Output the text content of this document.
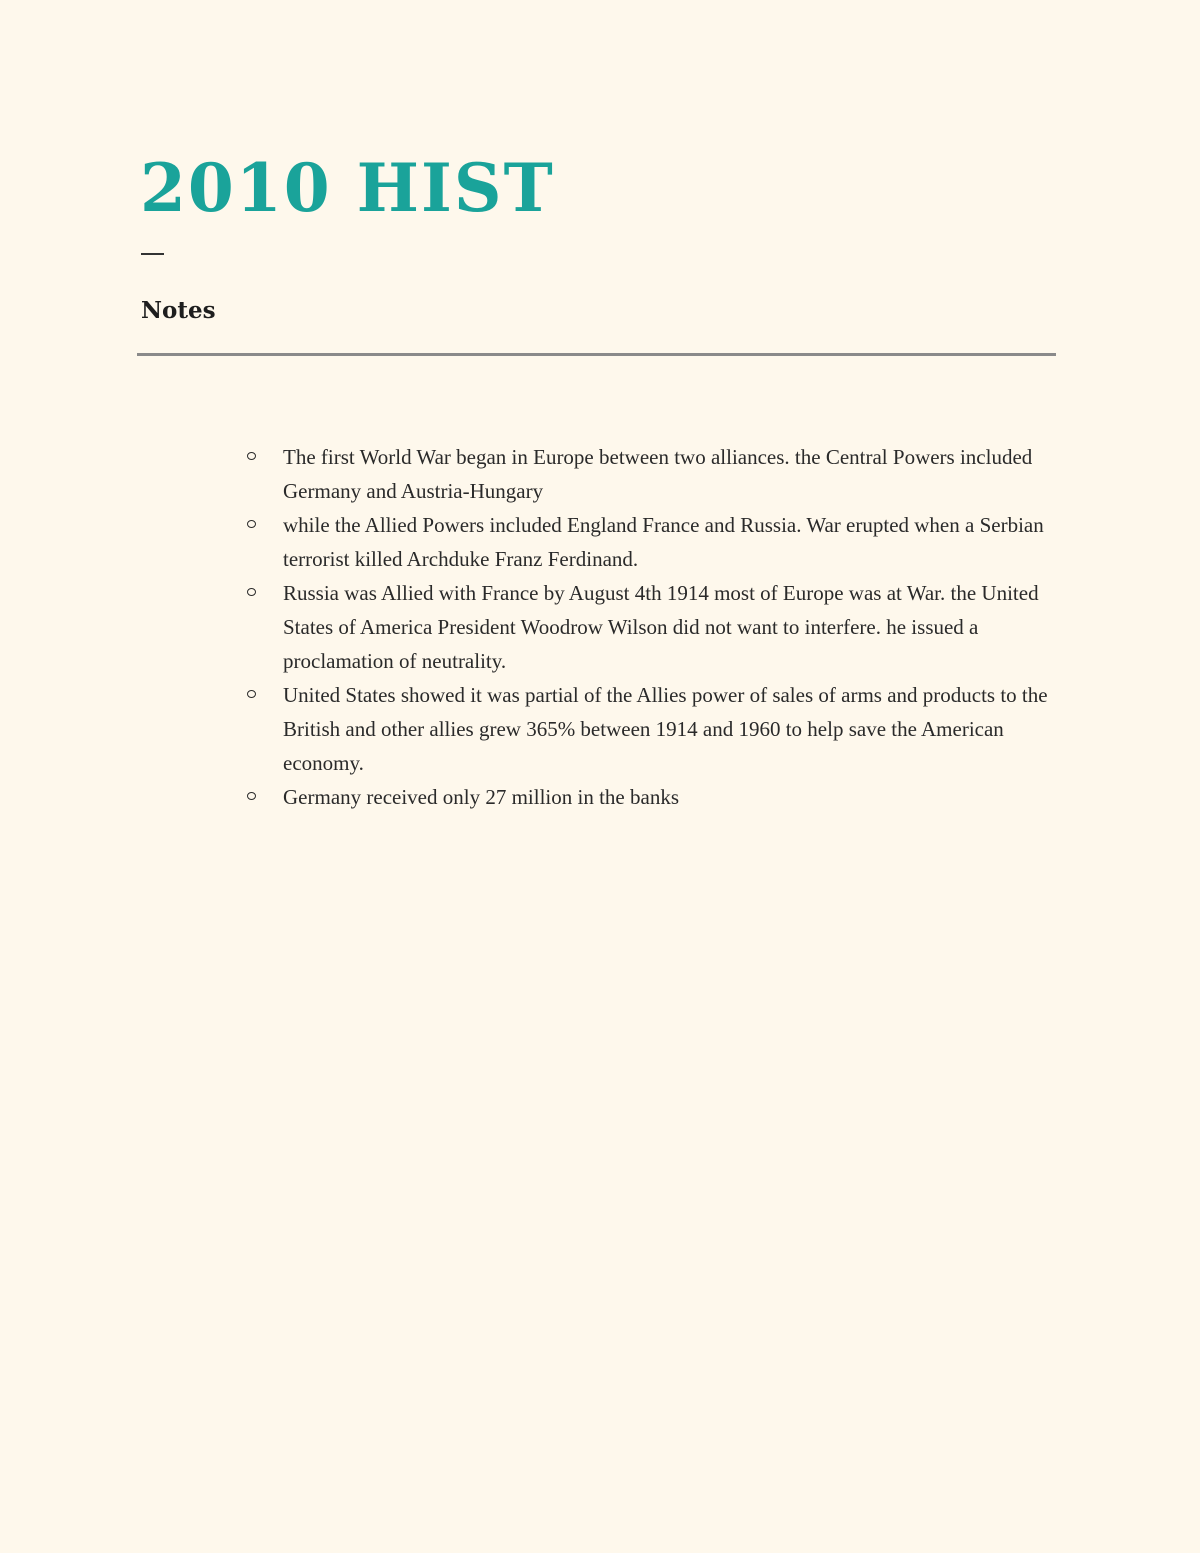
2010 HIST
Notes
The first World War began in Europe between two alliances. the Central Powers included Germany and Austria-Hungary
while the Allied Powers included England France and Russia. War erupted when a Serbian terrorist killed Archduke Franz Ferdinand.
Russia was Allied with France by August 4th 1914 most of Europe was at War. the United States of America President Woodrow Wilson did not want to interfere. he issued a proclamation of neutrality.
United States showed it was partial of the Allies power of sales of arms and products to the British and other allies grew 365% between 1914 and 1960 to help save the American economy.
Germany received only 27 million in the banks
